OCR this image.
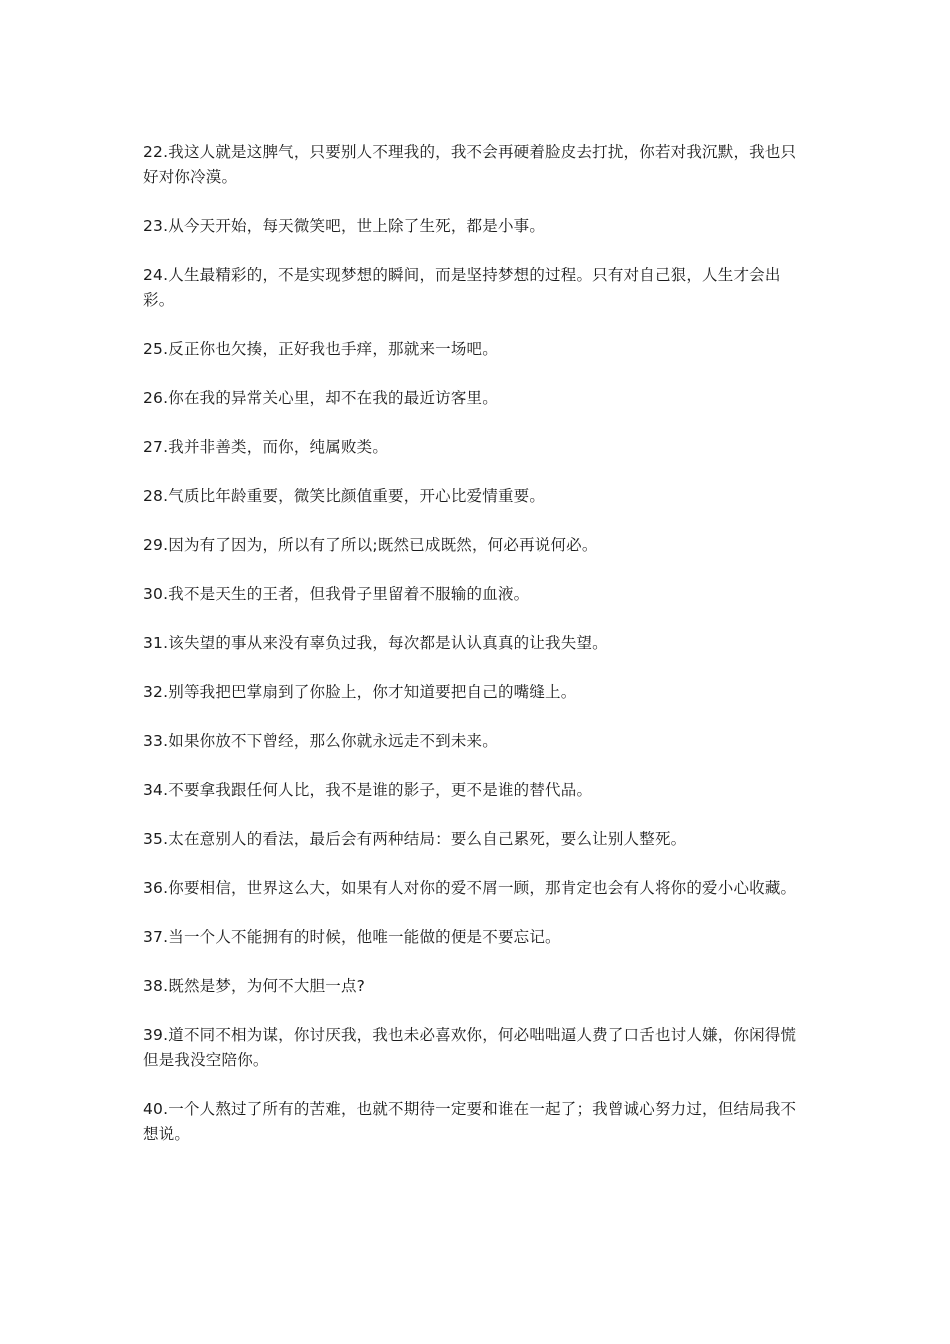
22.我这人就是这脾气，只要别人不理我的，我不会再硬着脸皮去打扰，你若对我沉默，我也只好对你冷漠。

23.从今天开始，每天微笑吧，世上除了生死，都是小事。

24.人生最精彩的，不是实现梦想的瞬间，而是坚持梦想的过程。只有对自己狠，人生才会出彩。

25.反正你也欠揍，正好我也手痒，那就来一场吧。

26.你在我的异常关心里，却不在我的最近访客里。

27.我并非善类，而你，纯属败类。

28.气质比年龄重要，微笑比颜值重要，开心比爱情重要。

29.因为有了因为，所以有了所以;既然已成既然，何必再说何必。

30.我不是天生的王者，但我骨子里留着不服输的血液。

31.该失望的事从来没有辜负过我，每次都是认认真真的让我失望。

32.别等我把巴掌扇到了你脸上，你才知道要把自己的嘴缝上。

33.如果你放不下曾经，那么你就永远走不到未来。

34.不要拿我跟任何人比，我不是谁的影子，更不是谁的替代品。

35.太在意别人的看法，最后会有两种结局：要么自己累死，要么让别人整死。

36.你要相信，世界这么大，如果有人对你的爱不屑一顾，那肯定也会有人将你的爱小心收藏。

37.当一个人不能拥有的时候，他唯一能做的便是不要忘记。

38.既然是梦，为何不大胆一点?

39.道不同不相为谋，你讨厌我，我也未必喜欢你，何必咄咄逼人费了口舌也讨人嫌，你闲得慌但是我没空陪你。

40.一个人熬过了所有的苦难，也就不期待一定要和谁在一起了；我曾诚心努力过，但结局我不想说。
